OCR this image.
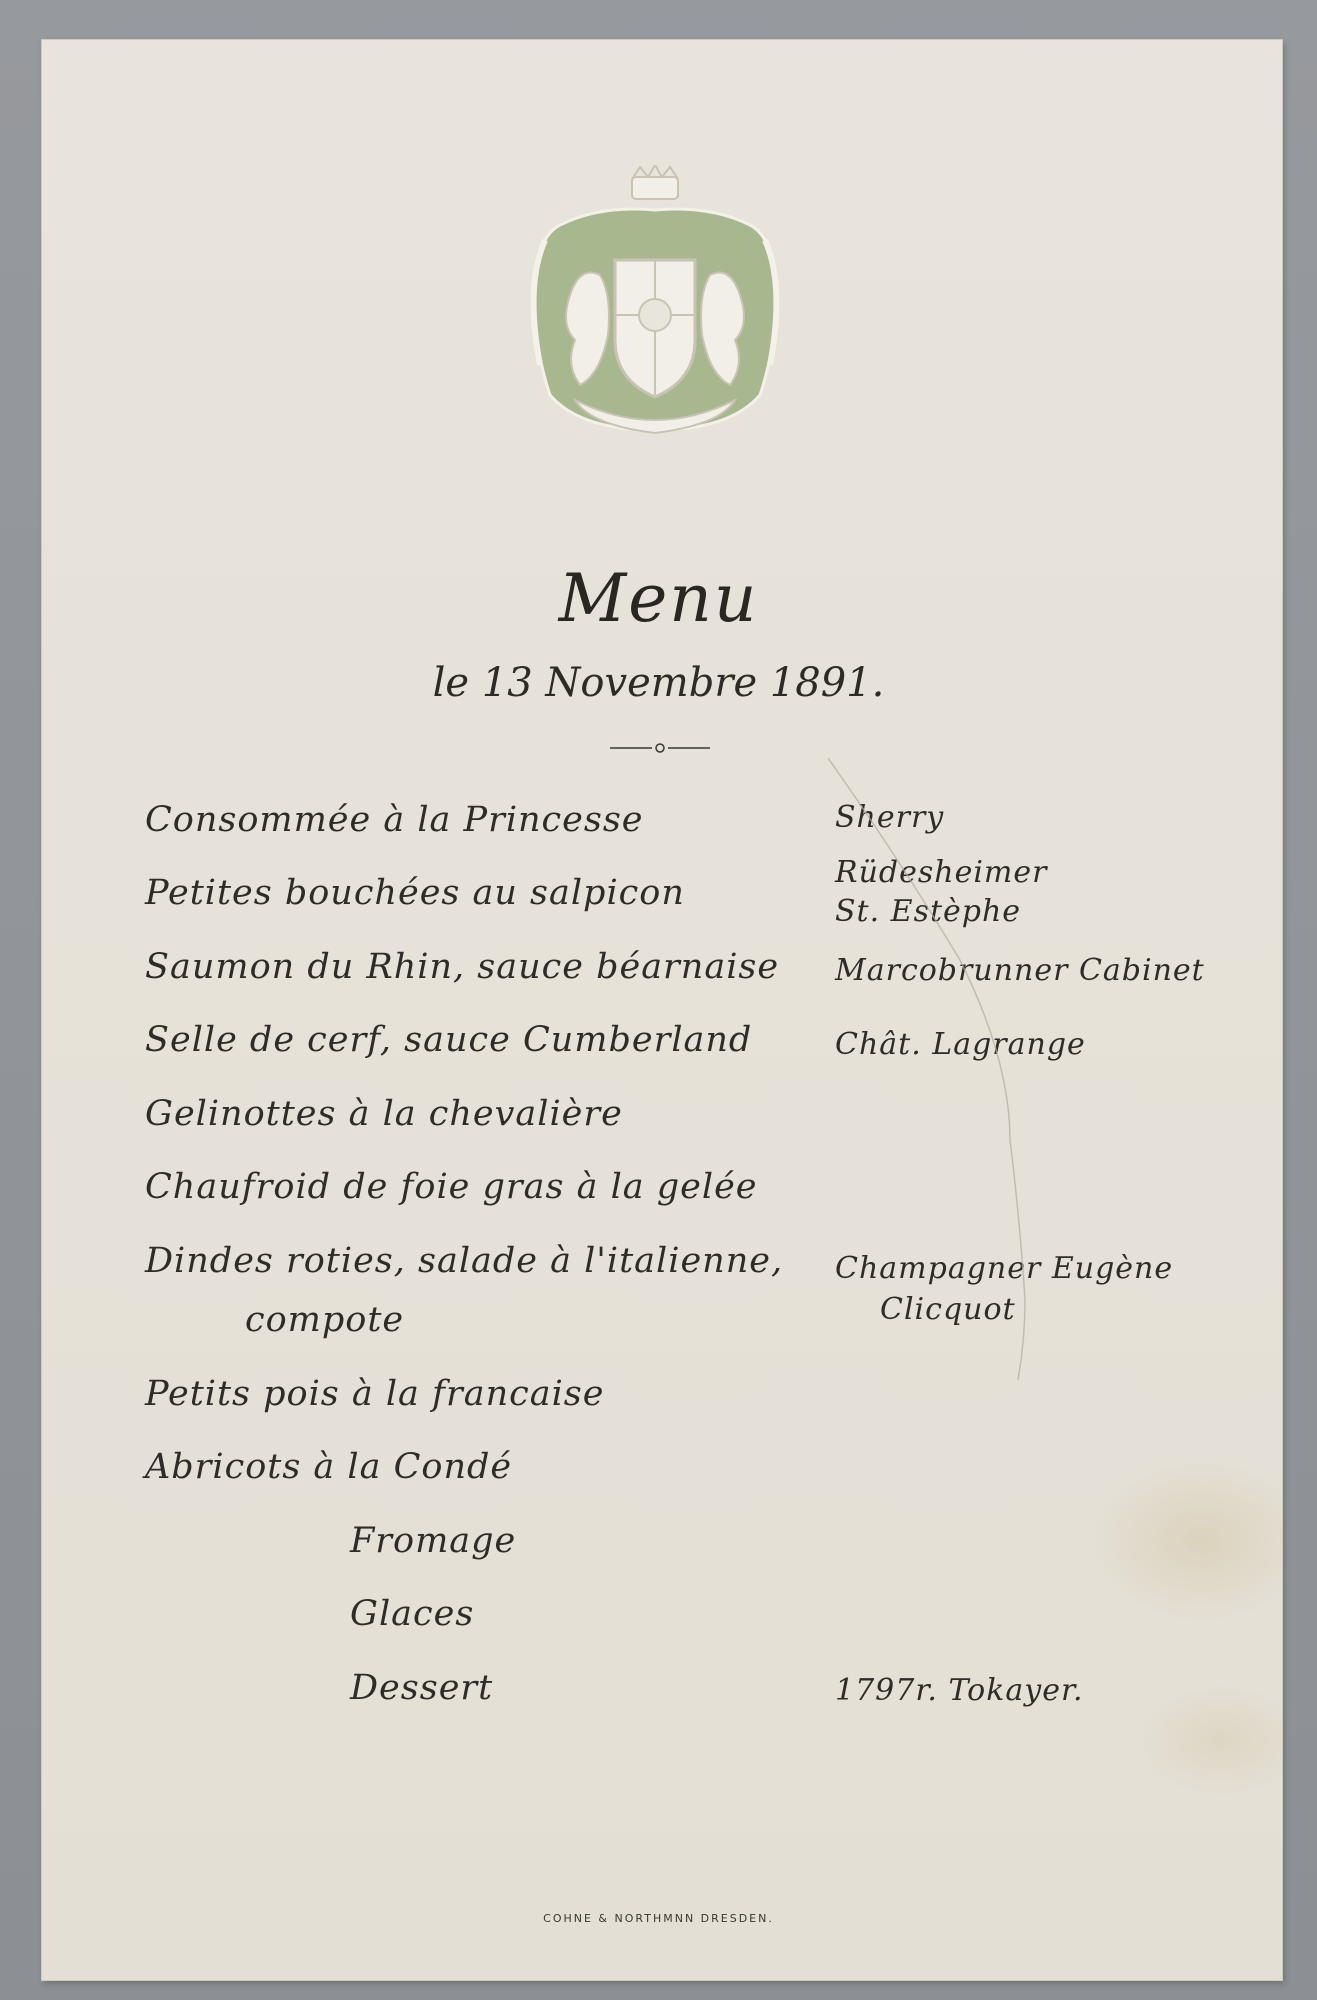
Menu
le 13 Novembre 1891.
Consommée à la Princesse
Petites bouchées au salpicon
Saumon du Rhin, sauce béarnaise
Selle de cerf, sauce Cumberland
Gelinottes à la chevalière
Chaufroid de foie gras à la gelée
Dindes roties, salade à l'italienne,
compote
Petits pois à la francaise
Abricots à la Condé
Fromage
Glaces
Dessert
Sherry
Rüdesheimer
St. Estèphe
Marcobrunner Cabinet
Chât. Lagrange
Champagner Eugène
Clicquot
1797r. Tokayer.
COHNE & NORTHMNN DRESDEN.
